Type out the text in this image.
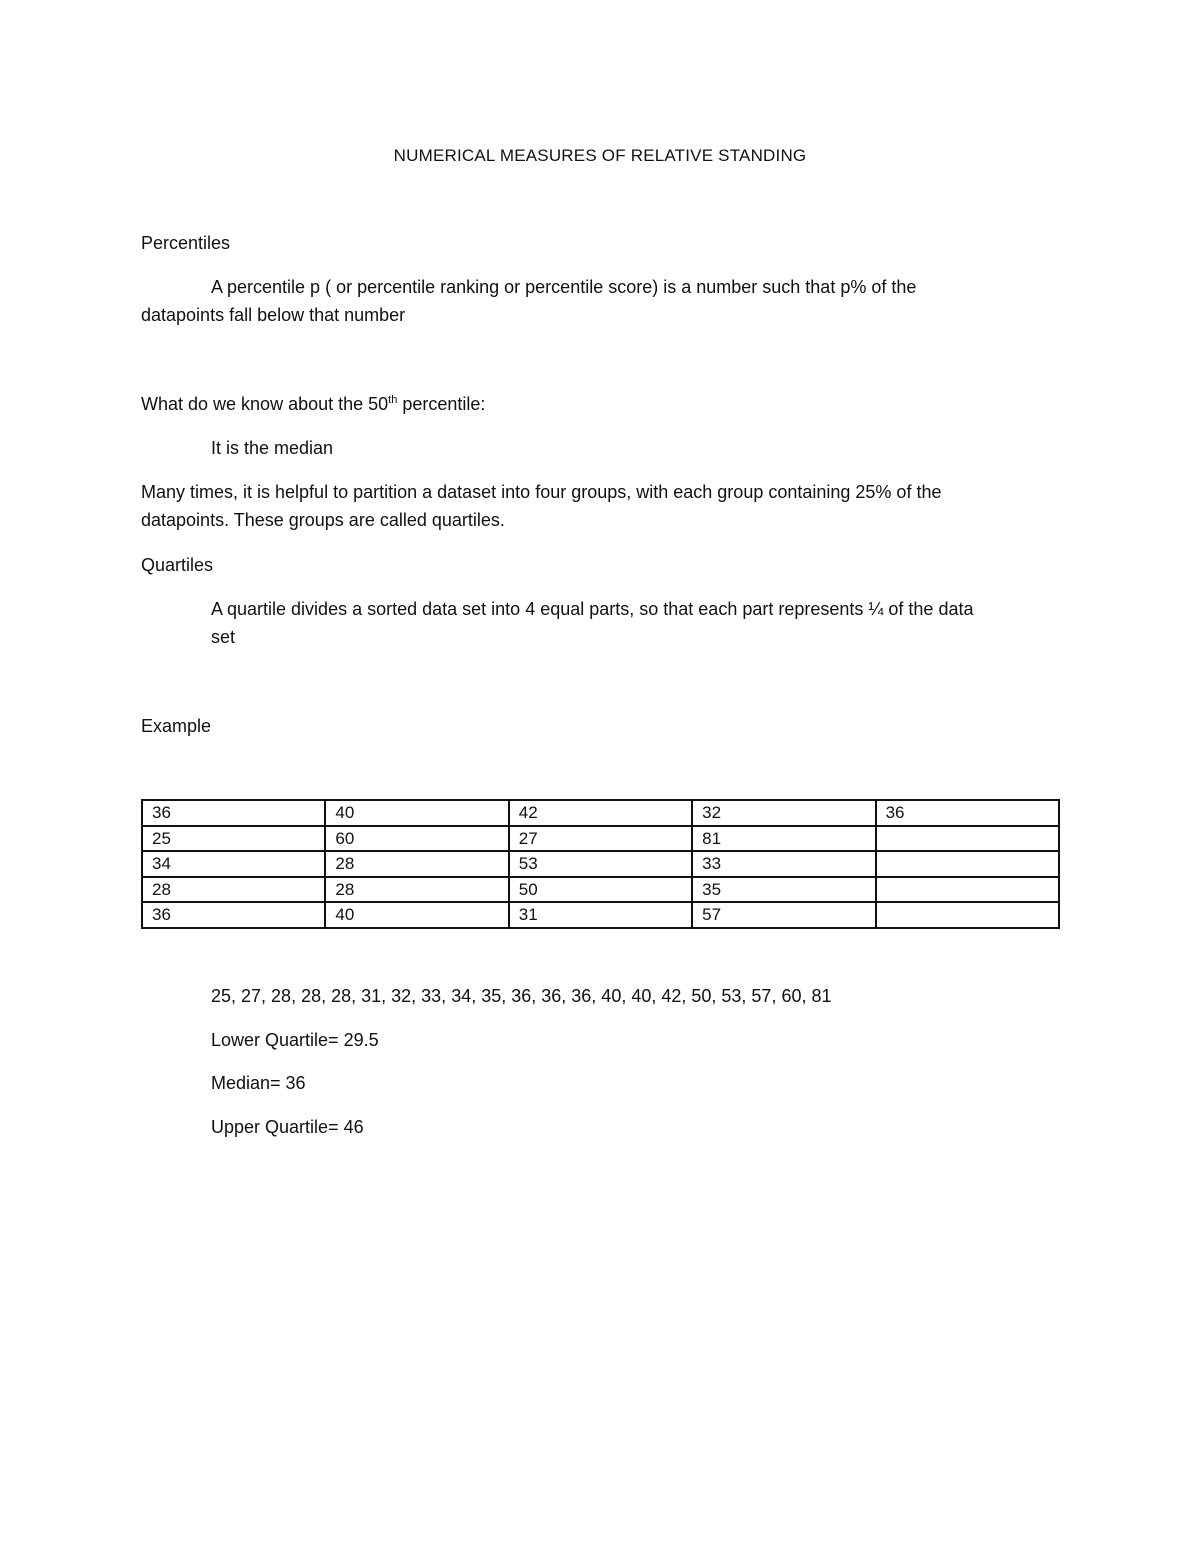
NUMERICAL MEASURES OF RELATIVE STANDING
Percentiles
A percentile p ( or percentile ranking or percentile score) is a number such that p% of the
datapoints fall below that number
What do we know about the 50th percentile:
It is the median
Many times, it is helpful to partition a dataset into four groups, with each group containing 25% of the
datapoints. These groups are called quartiles.
Quartiles
A quartile divides a sorted data set into 4 equal parts, so that each part represents ¼ of the data
set
Example
36	40	42	32	36
25	60	27	81	
34	28	53	33	
28	28	50	35	
36	40	31	57	
25, 27, 28, 28, 28, 31, 32, 33, 34, 35, 36, 36, 36, 40, 40, 42, 50, 53, 57, 60, 81
Lower Quartile= 29.5
Median= 36
Upper Quartile= 46
